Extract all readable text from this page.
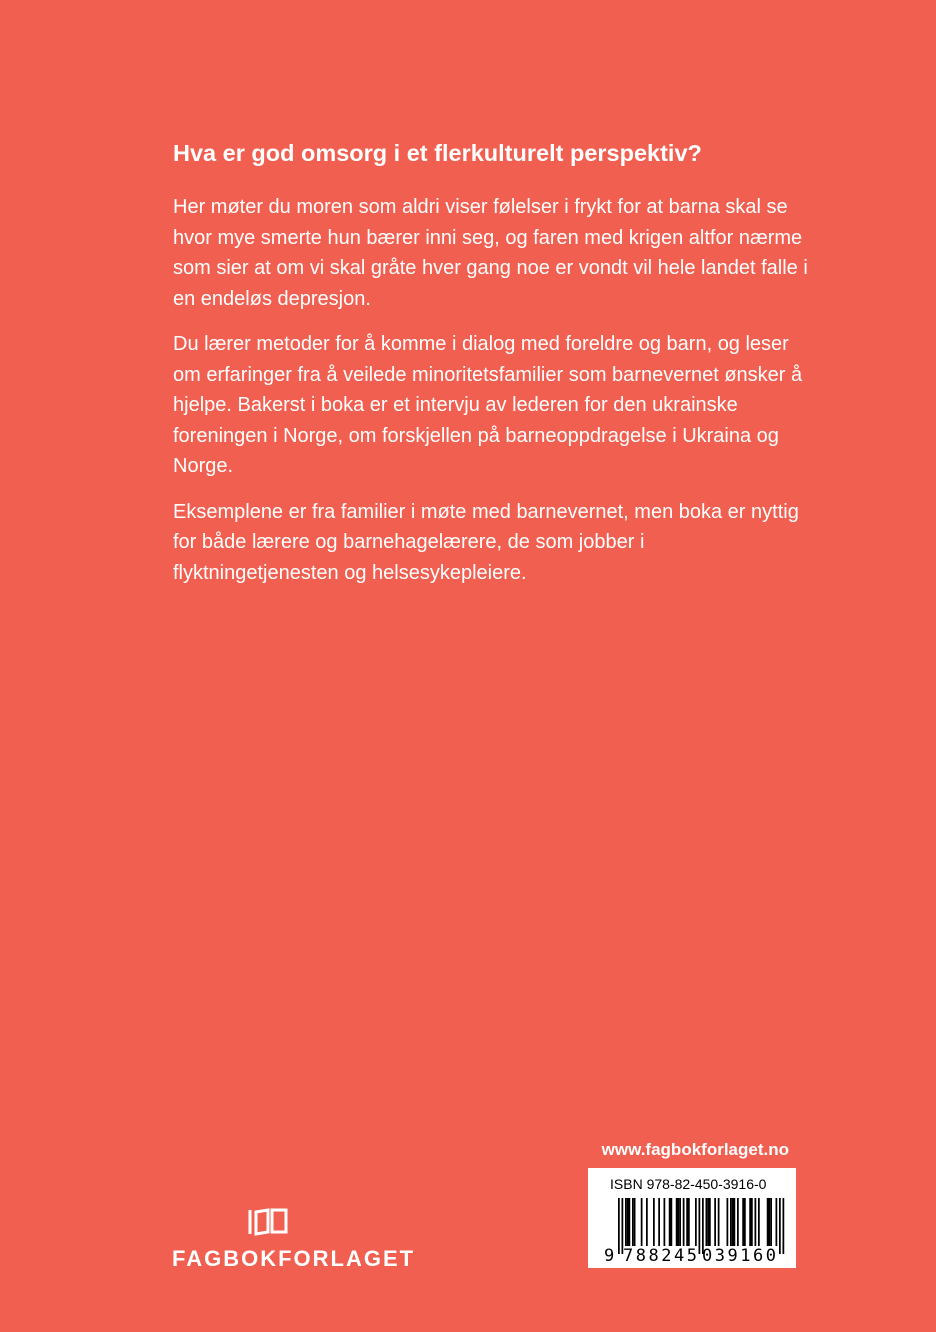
Hva er god omsorg i et flerkulturelt perspektiv?

Her møter du moren som aldri viser følelser i frykt for at barna skal se hvor mye smerte hun bærer inni seg, og faren med krigen altfor nærme som sier at om vi skal gråte hver gang noe er vondt vil hele landet falle i en endeløs depresjon.

Du lærer metoder for å komme i dialog med foreldre og barn, og leser om erfaringer fra å veilede minoritetsfamilier som barnevernet ønsker å hjelpe. Bakerst i boka er et intervju av lederen for den ukrainske foreningen i Norge, om forskjellen på barneoppdragelse i Ukraina og Norge.

Eksemplene er fra familier i møte med barnevernet, men boka er nyttig for både lærere og barnehagelærere, de som jobber i flyktningetjenesten og helsesykepleiere.

www.fagbokforlaget.no
ISBN 978-82-450-3916-0
9 788245 039160
FAGBOKFORLAGET
